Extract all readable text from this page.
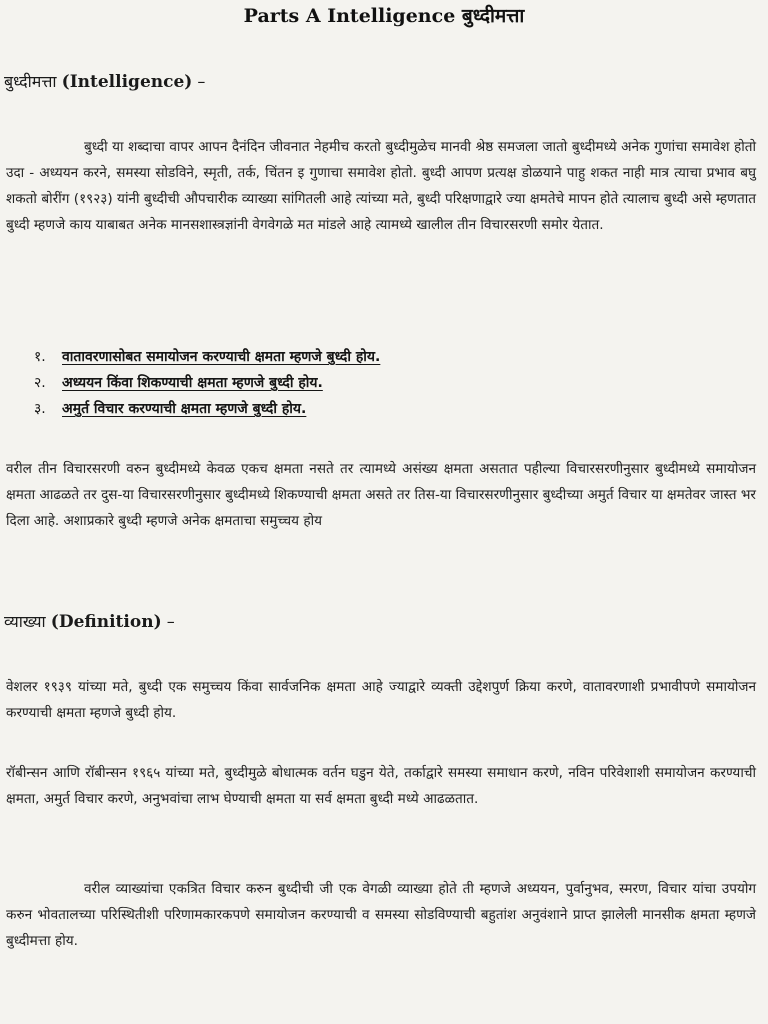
Parts A Intelligence बुध्दीमत्ता
बुध्दीमत्ता (Intelligence) –

बुध्दी या शब्दाचा वापर आपन दैनंदिन जीवनात नेहमीच करतो बुध्दीमुळेच मानवी श्रेष्ठ समजला जातो बुध्दीमध्ये अनेक गुणांचा समावेश होतो उदा - अध्ययन करने, समस्या सोडविने, स्मृती, तर्क, चिंतन इ गुणाचा समावेश होतो. बुध्दी आपण प्रत्यक्ष डोळयाने पाहु शकत नाही मात्र त्याचा प्रभाव बघु शकतो बोरींग (१९२३) यांनी बुध्दीची औपचारीक व्याख्या सांगितली आहे त्यांच्या मते, बुध्दी परिक्षणाद्वारे ज्या क्षमतेचे मापन होते त्यालाच बुध्दी असे म्हणतात बुध्दी म्हणजे काय याबाबत अनेक मानसशास्त्रज्ञांनी वेगवेगळे मत मांडले आहे त्यामध्ये खालील तीन विचारसरणी समोर येतात.

१. वातावरणासोबत समायोजन करण्याची क्षमता म्हणजे बुध्दी होय.
२. अध्ययन किंवा शिकण्याची क्षमता म्हणजे बुध्दी होय.
३. अमुर्त विचार करण्याची क्षमता म्हणजे बुध्दी होय.

वरील तीन विचारसरणी वरुन बुध्दीमध्ये केवळ एकच क्षमता नसते तर त्यामध्ये असंख्य क्षमता असतात पहील्या विचारसरणीनुसार बुध्दीमध्ये समायोजन क्षमता आढळते तर दुस-या विचारसरणीनुसार बुध्दीमध्ये शिकण्याची क्षमता असते तर तिस-या विचारसरणीनुसार बुध्दीच्या अमुर्त विचार या क्षमतेवर जास्त भर दिला आहे. अशाप्रकारे बुध्दी म्हणजे अनेक क्षमताचा समुच्चय होय

व्याख्या (Definition) –

वेशलर १९३९ यांच्या मते, बुध्दी एक समुच्चय किंवा सार्वजनिक क्षमता आहे ज्याद्वारे व्यक्ती उद्देशपुर्ण क्रिया करणे, वातावरणाशी प्रभावीपणे समायोजन करण्याची क्षमता म्हणजे बुध्दी होय.

रॉबीन्सन आणि रॉबीन्सन १९६५ यांच्या मते, बुध्दीमुळे बोधात्मक वर्तन घडुन येते, तर्काद्वारे समस्या समाधान करणे, नविन परिवेशाशी समायोजन करण्याची क्षमता, अमुर्त विचार करणे, अनुभवांचा लाभ घेण्याची क्षमता या सर्व क्षमता बुध्दी मध्ये आढळतात.

वरील व्याख्यांचा एकत्रित विचार करुन बुध्दीची जी एक वेगळी व्याख्या होते ती म्हणजे अध्ययन, पुर्वानुभव, स्मरण, विचार यांचा उपयोग करुन भोवतालच्या परिस्थितीशी परिणामकारकपणे समायोजन करण्याची व समस्या सोडविण्याची बहुतांश अनुवंशाने प्राप्त झालेली मानसीक क्षमता म्हणजे बुध्दीमत्ता होय.
